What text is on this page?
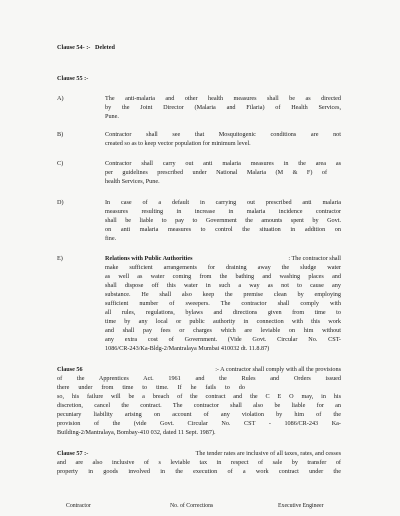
Clause 54- :- Deleted
Clause 55 :-
A)	The anti-malaria and other health measures shall be as directed
by the Joint Director (Malaria and Filaria) of Health Services,
Pune.
B)	Contractor shall see that Mosquitogenic conditions are not
created so as to keep vector population for minimum level.
C)	Contractor shall carry out anti malaria measures in the area as
per guidelines prescribed under National Malaria (M & F) of
health Services, Pune.
D)	In case of a default in carrying out prescribed anti malaria
measures resulting in increase in malaria incidence contractor
shall be liable to pay to Government the amounts spent by Govt.
on anti malaria measures to control the situation in addition on
fine.
E)	Relations with Public Authorities	: The contractor shall
make sufficient arrangements for draining away the sludge water
as well as water coming from the bathing and washing places and
shall dispose off this water in such a way as not to cause any
substance. He shall also keep the premise clean by employing
sufficient number of sweepers. The contractor shall comply with
all rules, regulations, bylaws and directions given from time to
time by any local or public authority in connection with this work
and shall pay fees or charges which are leviable on him without
any extra cost of Government. (Vide Govt. Circular No. CST-
1086/CR-243/Ka-Bldg-2/Mantralaya Mumbai 410032 dt. 11.8.87)
Clause 56	:- A contractor shall comply with all the provisions
of the Apprentices Act. 1961 and the Rules and Orders issued
there under from time to time. If he fails to do
so, his failure will be a breach of the contract and the C E O may, in his
discretion, cancel the contract. The contractor shall also be liable for an
pecuniary liability arising on account of any violation by him of the
provision of the (vide Govt. Circular No. CST - 1086/CR-243 Ka-
Building-2/Mantralaya, Bombay-410 032, dated 11 Sept. 1987).
Clause 57 :-	The tender rates are inclusive of all taxes, rates, and cesses
and are also inclusive of s leviable tax in respect of sale by transfer of
property in goods involved in the execution of a work contract under the
Contractor	No. of Corrections	Executive Engineer
